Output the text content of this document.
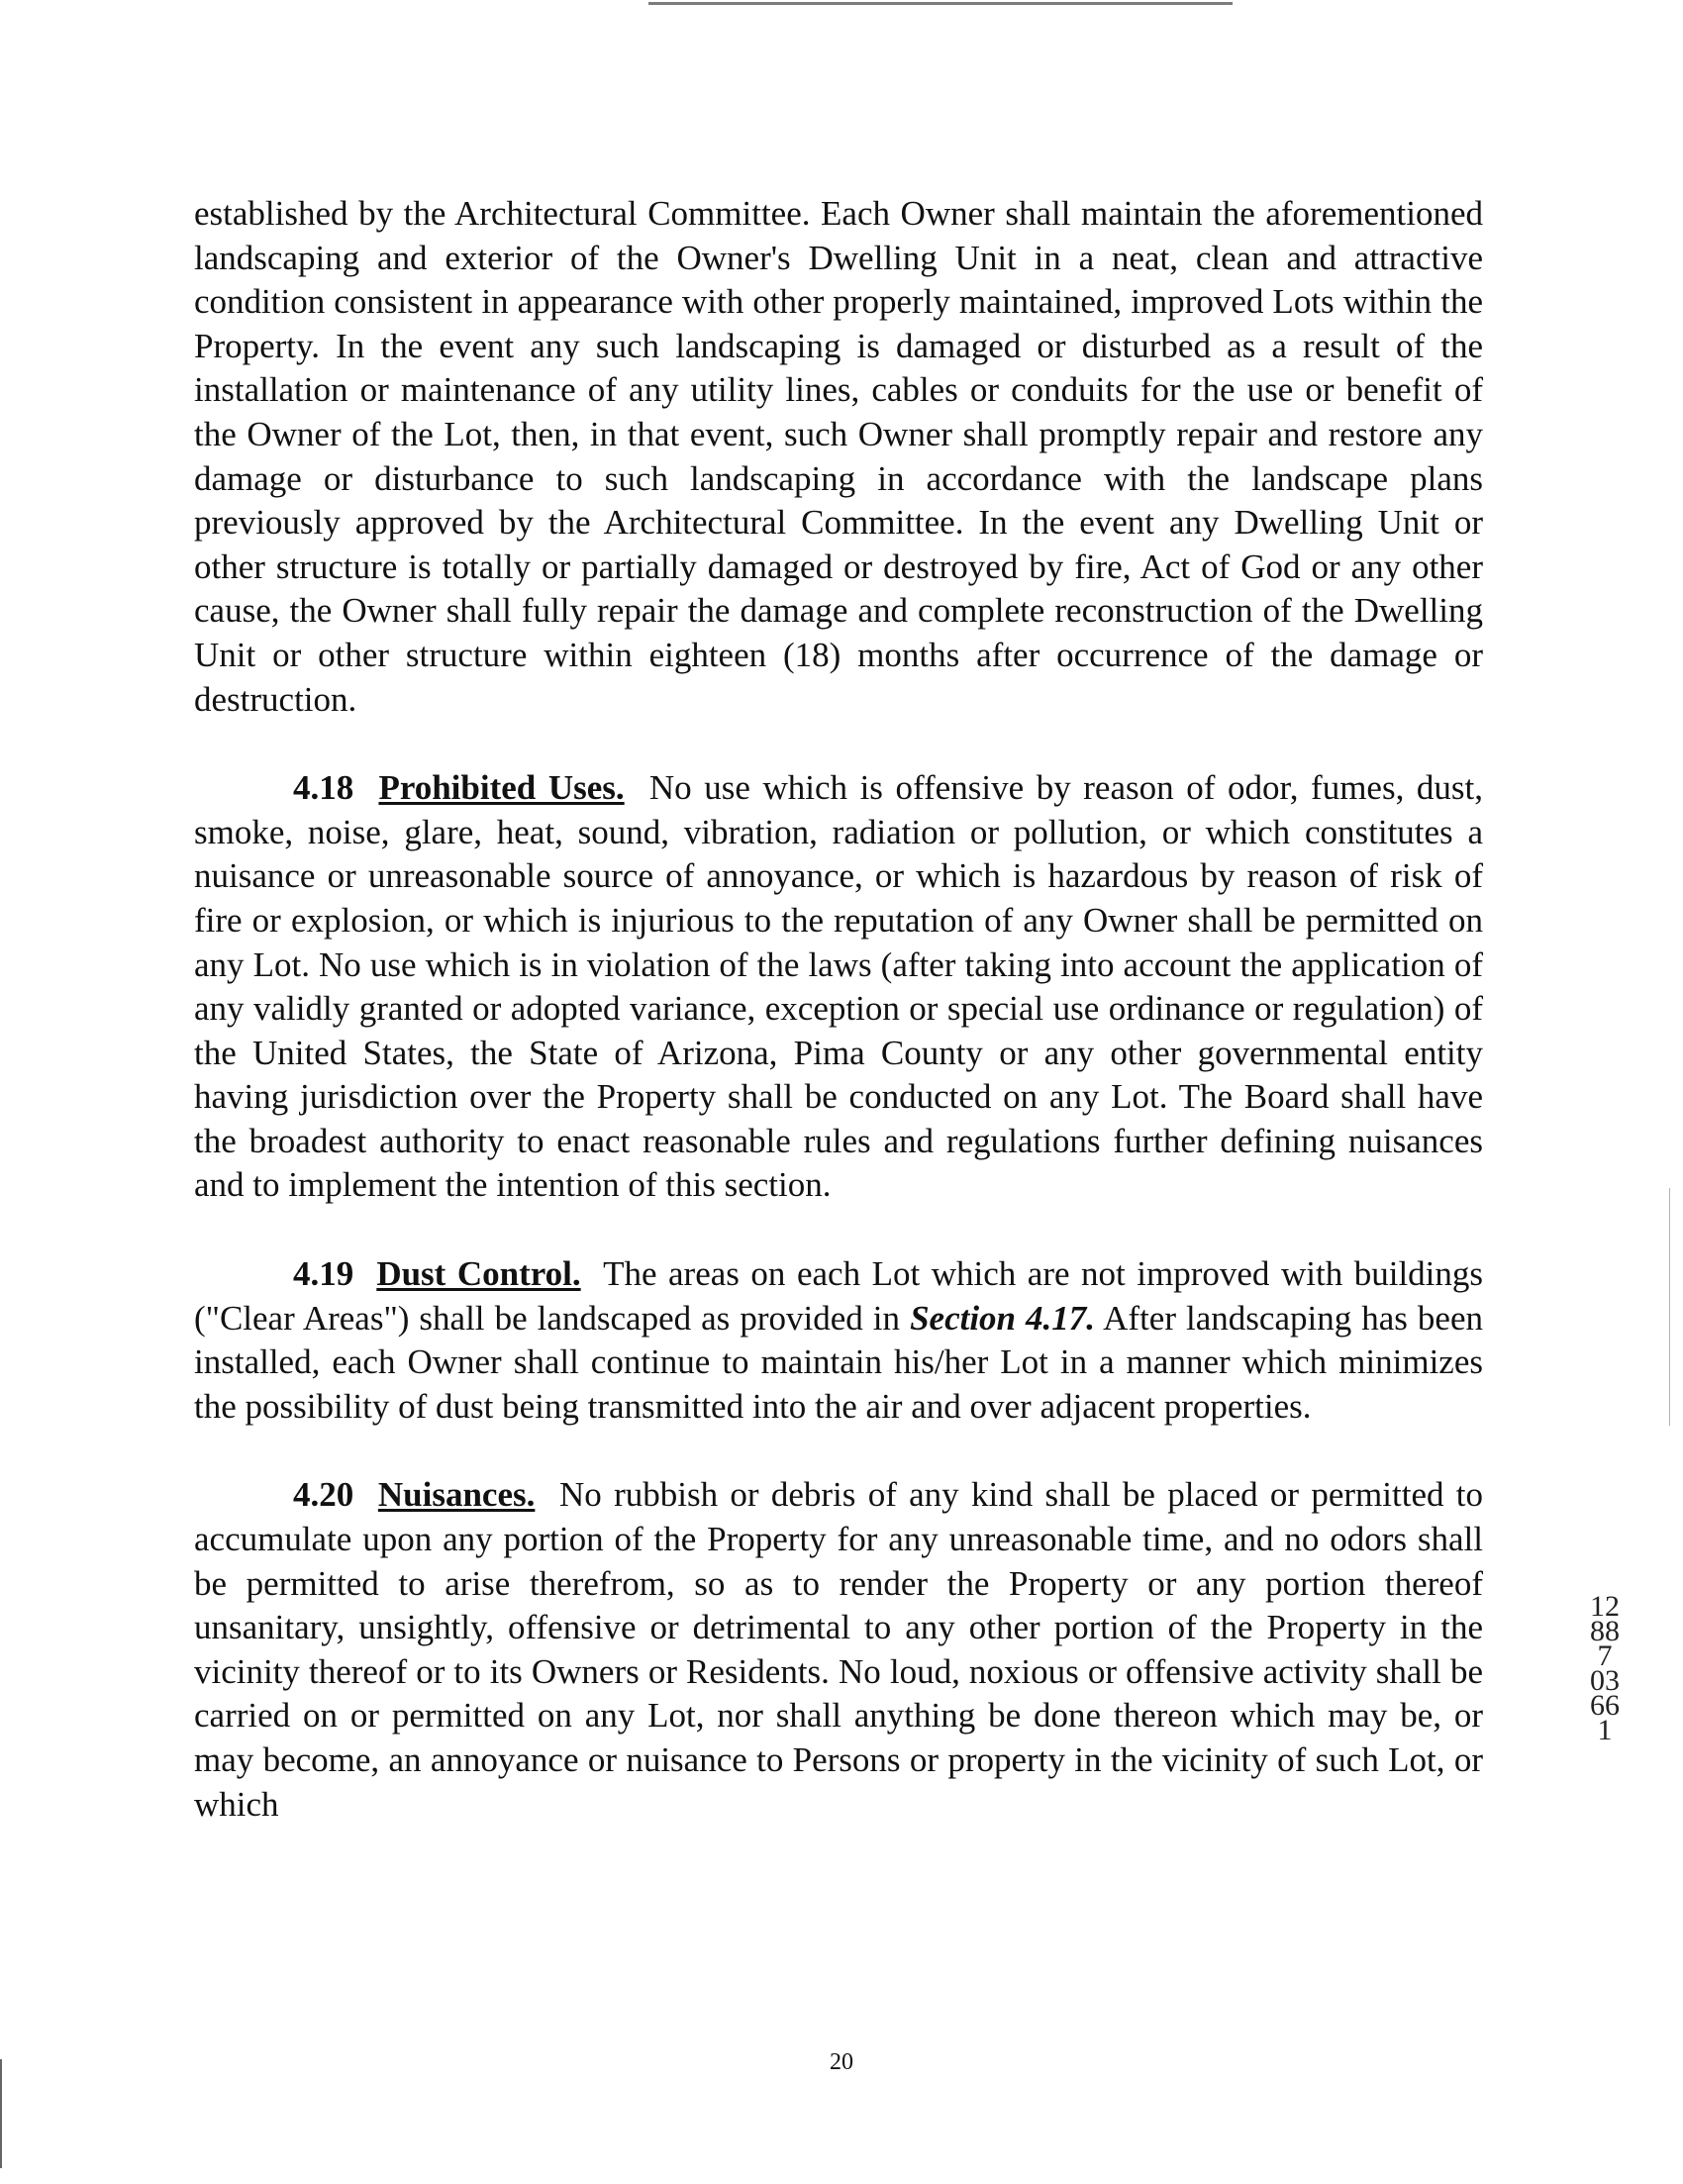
established by the Architectural Committee. Each Owner shall maintain the aforementioned landscaping and exterior of the Owner's Dwelling Unit in a neat, clean and attractive condition consistent in appearance with other properly maintained, improved Lots within the Property. In the event any such landscaping is damaged or disturbed as a result of the installation or maintenance of any utility lines, cables or conduits for the use or benefit of the Owner of the Lot, then, in that event, such Owner shall promptly repair and restore any damage or disturbance to such landscaping in accordance with the landscape plans previously approved by the Architectural Committee. In the event any Dwelling Unit or other structure is totally or partially damaged or destroyed by fire, Act of God or any other cause, the Owner shall fully repair the damage and complete reconstruction of the Dwelling Unit or other structure within eighteen (18) months after occurrence of the damage or destruction.

4.18 Prohibited Uses. No use which is offensive by reason of odor, fumes, dust, smoke, noise, glare, heat, sound, vibration, radiation or pollution, or which constitutes a nuisance or unreasonable source of annoyance, or which is hazardous by reason of risk of fire or explosion, or which is injurious to the reputation of any Owner shall be permitted on any Lot. No use which is in violation of the laws (after taking into account the application of any validly granted or adopted variance, exception or special use ordinance or regulation) of the United States, the State of Arizona, Pima County or any other governmental entity having jurisdiction over the Property shall be conducted on any Lot. The Board shall have the broadest authority to enact reasonable rules and regulations further defining nuisances and to implement the intention of this section.

4.19 Dust Control. The areas on each Lot which are not improved with buildings ("Clear Areas") shall be landscaped as provided in Section 4.17. After landscaping has been installed, each Owner shall continue to maintain his/her Lot in a manner which minimizes the possibility of dust being transmitted into the air and over adjacent properties.

4.20 Nuisances. No rubbish or debris of any kind shall be placed or permitted to accumulate upon any portion of the Property for any unreasonable time, and no odors shall be permitted to arise therefrom, so as to render the Property or any portion thereof unsanitary, unsightly, offensive or detrimental to any other portion of the Property in the vicinity thereof or to its Owners or Residents. No loud, noxious or offensive activity shall be carried on or permitted on any Lot, nor shall anything be done thereon which may be, or may become, an annoyance or nuisance to Persons or property in the vicinity of such Lot, or which

12887 03661
20
